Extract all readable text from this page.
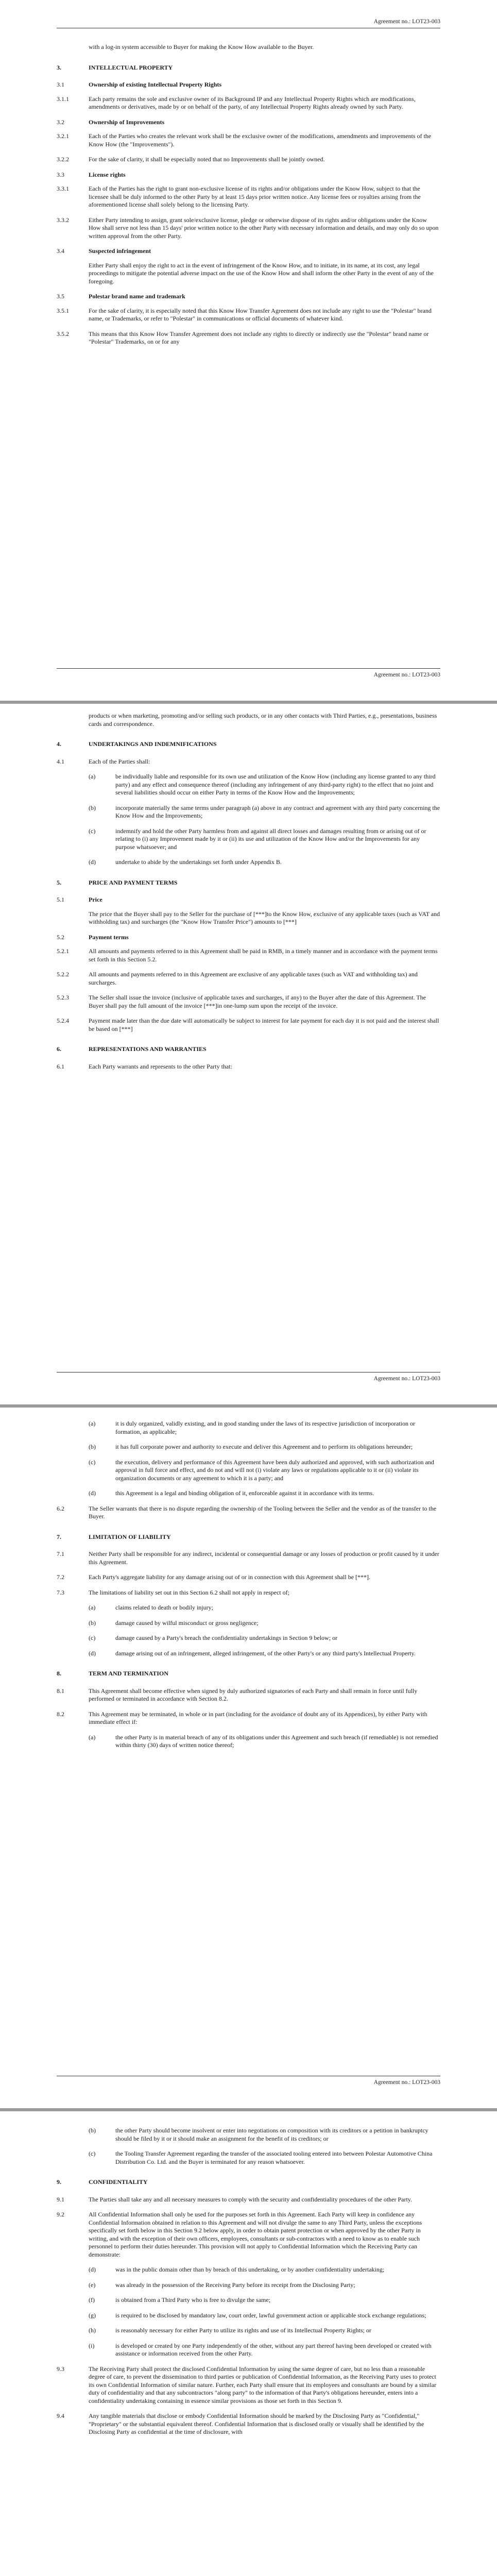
Agreement no.: LOT23-003
with a log-in system accessible to Buyer for making the Know How available to the Buyer.
3.	INTELLECTUAL PROPERTY
3.1	Ownership of existing Intellectual Property Rights
3.1.1	Each party remains the sole and exclusive owner of its Background IP and any Intellectual Property Rights which are modifications, amendments or derivatives, made by or on behalf of the party, of any Intellectual Property Rights already owned by such Party.
3.2	Ownership of Improvements
3.2.1	Each of the Parties who creates the relevant work shall be the exclusive owner of the modifications, amendments and improvements of the Know How (the "Improvements").
3.2.2	For the sake of clarity, it shall be especially noted that no Improvements shall be jointly owned.
3.3	License rights
3.3.1	Each of the Parties has the right to grant non-exclusive license of its rights and/or obligations under the Know How, subject to that the licensee shall be duly informed to the other Party by at least 15 days prior written notice. Any license fees or royalties arising from the aforementioned license shall solely belong to the licensing Party.
3.3.2	Either Party intending to assign, grant sole/exclusive license, pledge or otherwise dispose of its rights and/or obligations under the Know How shall serve not less than 15 days' prior written notice to the other Party with necessary information and details, and may only do so upon written approval from the other Party.
3.4	Suspected infringement
Either Party shall enjoy the right to act in the event of infringement of the Know How, and to initiate, in its name, at its cost, any legal proceedings to mitigate the potential adverse impact on the use of the Know How and shall inform the other Party in the event of any of the foregoing.
3.5	Polestar brand name and trademark
3.5.1	For the sake of clarity, it is especially noted that this Know How Transfer Agreement does not include any right to use the "Polestar" brand name, or Trademarks, or refer to "Polestar" in communications or official documents of whatever kind.
3.5.2	This means that this Know How Transfer Agreement does not include any rights to directly or indirectly use the "Polestar" brand name or "Polestar" Trademarks, on or for any
Agreement no.: LOT23-003
products or when marketing, promoting and/or selling such products, or in any other contacts with Third Parties, e.g., presentations, business cards and correspondence.
4.	UNDERTAKINGS AND INDEMNIFICATIONS
4.1	Each of the Parties shall:
(a)	be individually liable and responsible for its own use and utilization of the Know How (including any license granted to any third party) and any effect and consequence thereof (including any infringement of any third-party right) to the effect that no joint and several liabilities should occur on either Party in terms of the Know How and the Improvements;
(b)	incorporate materially the same terms under paragraph (a) above in any contract and agreement with any third party concerning the Know How and the Improvements;
(c)	indemnify and hold the other Party harmless from and against all direct losses and damages resulting from or arising out of or relating to (i) any Improvement made by it or (ii) its use and utilization of the Know How and/or the Improvements for any purpose whatsoever; and
(d)	undertake to abide by the undertakings set forth under Appendix B.
5.	PRICE AND PAYMENT TERMS
5.1	Price
The price that the Buyer shall pay to the Seller for the purchase of [***]to the Know How, exclusive of any applicable taxes (such as VAT and withholding tax) and surcharges (the "Know How Transfer Price") amounts to [***]
5.2	Payment terms
5.2.1	All amounts and payments referred to in this Agreement shall be paid in RMB, in a timely manner and in accordance with the payment terms set forth in this Section 5.2.
5.2.2	All amounts and payments referred to in this Agreement are exclusive of any applicable taxes (such as VAT and withholding tax) and surcharges.
5.2.3	The Seller shall issue the invoice (inclusive of applicable taxes and surcharges, if any) to the Buyer after the date of this Agreement. The Buyer shall pay the full amount of the invoice [***]in one-lump sum upon the receipt of the invoice.
5.2.4	Payment made later than the due date will automatically be subject to interest for late payment for each day it is not paid and the interest shall be based on [***]
6.	REPRESENTATIONS AND WARRANTIES
6.1	Each Party warrants and represents to the other Party that:
Agreement no.: LOT23-003
(a)	it is duly organized, validly existing, and in good standing under the laws of its respective jurisdiction of incorporation or formation, as applicable;
(b)	it has full corporate power and authority to execute and deliver this Agreement and to perform its obligations hereunder;
(c)	the execution, delivery and performance of this Agreement have been duly authorized and approved, with such authorization and approval in full force and effect, and do not and will not (i) violate any laws or regulations applicable to it or (ii) violate its organization documents or any agreement to which it is a party; and
(d)	this Agreement is a legal and binding obligation of it, enforceable against it in accordance with its terms.
6.2	The Seller warrants that there is no dispute regarding the ownership of the Tooling between the Seller and the vendor as of the transfer to the Buyer.
7.	LIMITATION OF LIABILITY
7.1	Neither Party shall be responsible for any indirect, incidental or consequential damage or any losses of production or profit caused by it under this Agreement.
7.2	Each Party's aggregate liability for any damage arising out of or in connection with this Agreement shall be [***].
7.3	The limitations of liability set out in this Section 6.2 shall not apply in respect of;
(a)	claims related to death or bodily injury;
(b)	damage caused by wilful misconduct or gross negligence;
(c)	damage caused by a Party's breach the confidentiality undertakings in Section 9 below; or
(d)	damage arising out of an infringement, alleged infringement, of the other Party's or any third party's Intellectual Property.
8.	TERM AND TERMINATION
8.1	This Agreement shall become effective when signed by duly authorized signatories of each Party and shall remain in force until fully performed or terminated in accordance with Section 8.2.
8.2	This Agreement may be terminated, in whole or in part (including for the avoidance of doubt any of its Appendices), by either Party with immediate effect if:
(a)	the other Party is in material breach of any of its obligations under this Agreement and such breach (if remediable) is not remedied within thirty (30) days of written notice thereof;
Agreement no.: LOT23-003
(b)	the other Party should become insolvent or enter into negotiations on composition with its creditors or a petition in bankruptcy should be filed by it or it should make an assignment for the benefit of its creditors; or
(c)	the Tooling Transfer Agreement regarding the transfer of the associated tooling entered into between Polestar Automotive China Distribution Co. Ltd. and the Buyer is terminated for any reason whatsoever.
9.	CONFIDENTIALITY
9.1	The Parties shall take any and all necessary measures to comply with the security and confidentiality procedures of the other Party.
9.2	All Confidential Information shall only be used for the purposes set forth in this Agreement. Each Party will keep in confidence any Confidential Information obtained in relation to this Agreement and will not divulge the same to any Third Party, unless the exceptions specifically set forth below in this Section 9.2 below apply, in order to obtain patent protection or when approved by the other Party in writing, and with the exception of their own officers, employees, consultants or sub-contractors with a need to know as to enable such personnel to perform their duties hereunder. This provision will not apply to Confidential Information which the Receiving Party can demonstrate:
(d)	was in the public domain other than by breach of this undertaking, or by another confidentiality undertaking;
(e)	was already in the possession of the Receiving Party before its receipt from the Disclosing Party;
(f)	is obtained from a Third Party who is free to divulge the same;
(g)	is required to be disclosed by mandatory law, court order, lawful government action or applicable stock exchange regulations;
(h)	is reasonably necessary for either Party to utilize its rights and use of its Intellectual Property Rights; or
(i)	is developed or created by one Party independently of the other, without any part thereof having been developed or created with assistance or information received from the other Party.
9.3	The Receiving Party shall protect the disclosed Confidential Information by using the same degree of care, but no less than a reasonable degree of care, to prevent the dissemination to third parties or publication of Confidential Information, as the Receiving Party uses to protect its own Confidential Information of similar nature. Further, each Party shall ensure that its employees and consultants are bound by a similar duty of confidentiality and that any subcontractors "along party" to the information of that Party's obligations hereunder, enters into a confidentiality undertaking containing in essence similar provisions as those set forth in this Section 9.
9.4	Any tangible materials that disclose or embody Confidential Information should be marked by the Disclosing Party as "Confidential," "Proprietary" or the substantial equivalent thereof. Confidential Information that is disclosed orally or visually shall be identified by the Disclosing Party as confidential at the time of disclosure, with
